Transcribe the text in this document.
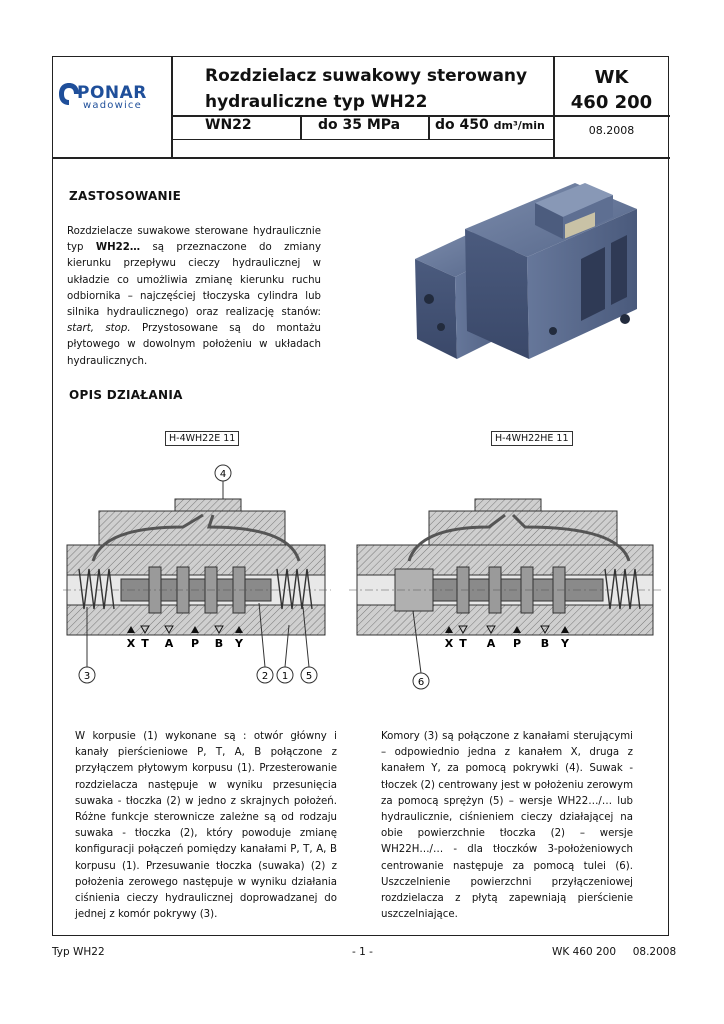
PONAR
wadowice
Rozdzielacz suwakowy sterowany
hydrauliczne typ WH22
WK
460 200
WN22	do 35 MPa do 450 dm³/min	08.2008
ZASTOSOWANIE
Rozdzielacze suwakowe sterowane hydraulicznie typ WH22… są przeznaczone do zmiany kierunku przepływu cieczy hydraulicznej w układzie co umożliwia zmianę kierunku ruchu odbiornika – najczęściej tłoczyska cylindra lub silnika hydraulicznego) oraz realizację stanów: start, stop. Przystosowane są do montażu płytowego w dowolnym położeniu w układach hydraulicznych.
OPIS DZIAŁANIA
H-4WH22E 11	H-4WH22HE 11
4
X T A P B Y
3	2 1 5
X T A P B Y
6
W korpusie (1) wykonane są : otwór główny i kanały pierścieniowe P, T, A, B połączone z przyłączem płytowym korpusu (1). Przesterowanie rozdzielacza następuje w wyniku przesunięcia suwaka - tłoczka (2) w jedno z skrajnych położeń. Różne funkcje sterownicze zależne są od rodzaju suwaka - tłoczka (2), który powoduje zmianę konfiguracji połączeń pomiędzy kanałami P, T, A, B korpusu (1). Przesuwanie tłoczka (suwaka) (2) z położenia zerowego następuje w wyniku działania ciśnienia cieczy hydraulicznej doprowadzanej do jednej z komór pokrywy (3).
Komory (3) są połączone z kanałami sterującymi – odpowiednio jedna z kanałem X, druga z kanałem Y, za pomocą pokrywki (4). Suwak - tłoczek (2) centrowany jest w położeniu zerowym za pomocą sprężyn (5) – wersje WH22…/… lub hydraulicznie, ciśnieniem cieczy działającej na obie powierzchnie tłoczka (2) – wersje WH22H…/… - dla tłoczków 3-położeniowych centrowanie następuje za pomocą tulei (6). Uszczelnienie powierzchni przyłączeniowej rozdzielacza z płytą zapewniają pierścienie uszczelniające.
Typ WH22	- 1 -	WK 460 200     08.2008
